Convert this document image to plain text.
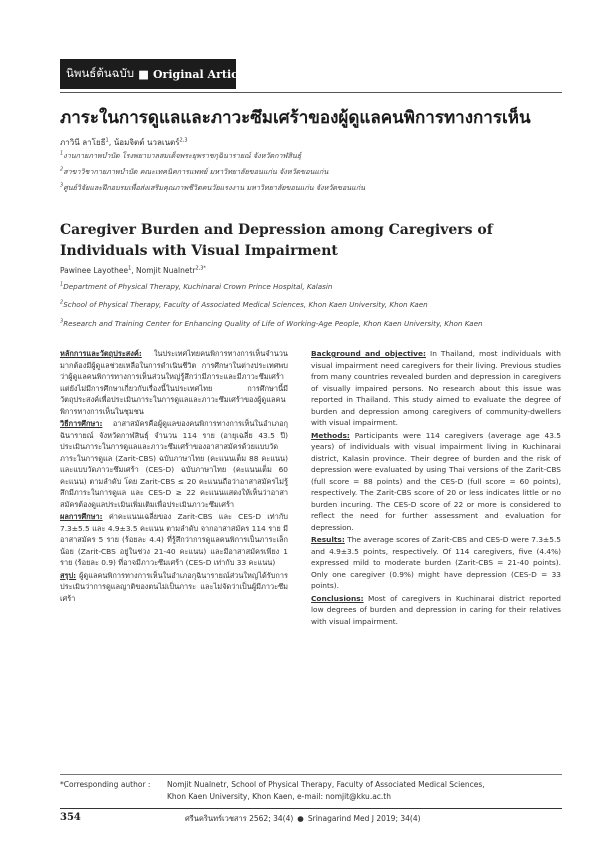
นิพนธ์ต้นฉบับ ■ Original Article
ภาระในการดูแลและภาวะซึมเศร้าของผู้ดูแลคนพิการทางการเห็น
ภาวินี ลาโยธี$^1$, น้อมจิตต์ นวลเนตร์$^{2,3}$
$^1$งานกายภาพบำบัด โรงพยาบาลสมเด็จพระยุพราชกุฉินารายณ์ จังหวัดกาฬสินธุ์
$^2$สาขาวิชากายภาพบำบัด คณะเทคนิคการแพทย์ มหาวิทยาลัยขอนแก่น จังหวัดขอนแก่น
$^3$ศูนย์วิจัยและฝึกอบรมเพื่อส่งเสริมคุณภาพชีวิตคนวัยแรงงาน มหาวิทยาลัยขอนแก่น จังหวัดขอนแก่น
Caregiver Burden and Depression among Caregivers of Individuals with Visual Impairment
Pawinee Layothee$^1$, Nomjit Nualnetr$^{2,3*}$
$^1$Department of Physical Therapy, Kuchinarai Crown Prince Hospital, Kalasin
$^2$School of Physical Therapy, Faculty of Associated Medical Sciences, Khon Kaen University, Khon Kaen
$^3$Research and Training Center for Enhancing Quality of Life of Working-Age People, Khon Kaen University, Khon Kaen

หลักการและวัตถุประสงค์: ในประเทศไทยคนพิการทางการเห็นจำนวนมากต้องมีผู้ดูแลช่วยเหลือในการดำเนินชีวิต การศึกษาในต่างประเทศพบว่าผู้ดูแลคนพิการทางการเห็นส่วนใหญ่รู้สึกว่ามีภาระและมีภาวะซึมเศร้า แต่ยังไม่มีการศึกษาเกี่ยวกับเรื่องนี้ในประเทศไทย การศึกษานี้มีวัตถุประสงค์เพื่อประเมินภาระในการดูแลและภาวะซึมเศร้าของผู้ดูแลคนพิการทางการเห็นในชุมชน

วิธีการศึกษา: อาสาสมัครคือผู้ดูแลของคนพิการทางการเห็นในอำเภอกุฉินารายณ์ จังหวัดกาฬสินธุ์ จำนวน 114 ราย (อายุเฉลี่ย 43.5 ปี) ประเมินภาระในการดูแลและภาวะซึมเศร้าของอาสาสมัครด้วยแบบวัดภาระในการดูแล (Zarit-CBS) ฉบับภาษาไทย (คะแนนเต็ม 88 คะแนน) และแบบวัดภาวะซึมเศร้า (CES-D) ฉบับภาษาไทย (คะแนนเต็ม 60 คะแนน) ตามลำดับ โดย Zarit-CBS ≤ 20 คะแนนถือว่าอาสาสมัครไม่รู้สึกมีภาระในการดูแล และ CES-D ≥ 22 คะแนนแสดงให้เห็นว่าอาสาสมัครต้องดูแลประเมินเพิ่มเติมเพื่อประเมินภาวะซึมเศร้า

ผลการศึกษา: ค่าคะแนนเฉลี่ยของ Zarit-CBS และ CES-D เท่ากับ 7.3±5.5 และ 4.9±3.5 คะแนน ตามลำดับ จากอาสาสมัคร 114 ราย มีอาสาสมัคร 5 ราย (ร้อยละ 4.4) ที่รู้สึกว่าการดูแลคนพิการเป็นภาระเล็กน้อย (Zarit-CBS อยู่ในช่วง 21-40 คะแนน) และมีอาสาสมัครเพียง 1 ราย (ร้อยละ 0.9) ที่อาจมีภาวะซึมเศร้า (CES-D เท่ากับ 33 คะแนน)

สรุป: ผู้ดูแลคนพิการทางการเห็นในอำเภอกุฉินารายณ์ส่วนใหญ่ได้รับการประเมินว่าการดูแลญาติของตนไม่เป็นภาระ และไม่จัดว่าเป็นผู้มีภาวะซึมเศร้า

Background and objective: In Thailand, most individuals with visual impairment need caregivers for their living. Previous studies from many countries revealed burden and depression in caregivers of visually impaired persons. No research about this issue was reported in Thailand. This study aimed to evaluate the degree of burden and depression among caregivers of community-dwellers with visual impairment.

Methods: Participants were 114 caregivers (average age 43.5 years) of individuals with visual impairment living in Kuchinarai district, Kalasin province. Their degree of burden and the risk of depression were evaluated by using Thai versions of the Zarit-CBS (full score = 88 points) and the CES-D (full score = 60 points), respectively. The Zarit-CBS score of 20 or less indicates little or no burden incuring. The CES-D score of 22 or more is considered to reflect the need for further assessment and evaluation for depression.

Results: The average scores of Zarit-CBS and CES-D were 7.3±5.5 and 4.9±3.5 points, respectively. Of 114 caregivers, five (4.4%) expressed mild to moderate burden (Zarit-CBS = 21-40 points). Only one caregiver (0.9%) might have depression (CES-D = 33 points).

Conclusions: Most of caregivers in Kuchinarai district reported low degrees of burden and depression in caring for their relatives with visual impairment.

*Corresponding author : Nomjit Nualnetr, School of Physical Therapy, Faculty of Associated Medical Sciences,
Khon Kaen University, Khon Kaen, e-mail: nomjit@kku.ac.th
354	ศรีนครินทร์เวชสาร 2562; 34(4) ● Srinagarind Med J 2019; 34(4)
